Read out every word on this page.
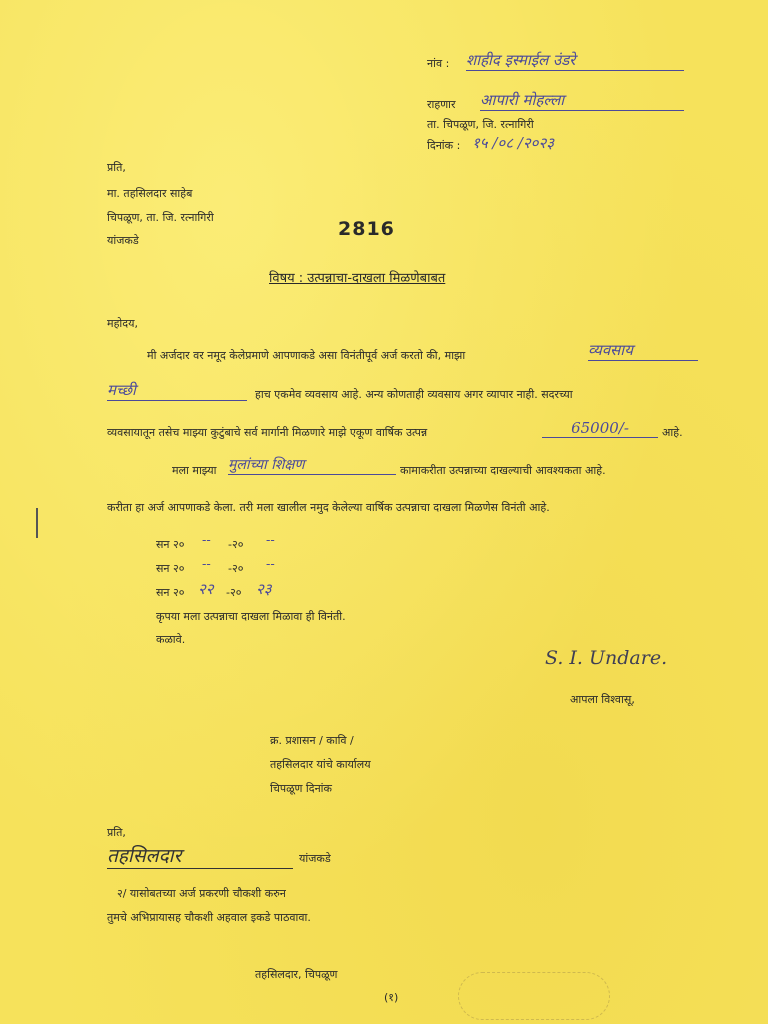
नांव : शाहीद इस्माईल उंडरे
राहणार आपारी मोहल्ला
ता. चिपळूण, जि. रत्नागिरी
दिनांक : १५ /०८ /२०२३
प्रति,
मा. तहसिलदार साहेब
चिपळूण, ता. जि. रत्नागिरी
यांजकडे
2816
विषय : उत्पन्नाचा-दाखला मिळणेबाबत
महोदय,
मी अर्जदार वर नमूद केलेप्रमाणे आपणाकडे असा विनंतीपूर्व अर्ज करतो की, माझा	व्यवसाय
मच्छी	हाच एकमेव व्यवसाय आहे. अन्य कोणताही व्यवसाय अगर व्यापार नाही. सदरच्या
व्यवसायातून तसेच माझ्या कुटुंबाचे सर्व मार्गानी मिळणारे माझे एकूण वार्षिक उत्पन्न	65000/-	आहे.
मला माझ्या मुलांच्या शिक्षण	कामाकरीता उत्पन्नाच्या दाखल्याची आवश्यकता आहे.
करीता हा अर्ज आपणाकडे केला. तरी मला खालील नमुद केलेल्या वार्षिक उत्पन्नाचा दाखला मिळणेस विनंती आहे.
सन २० -- -२० --
सन २० -- -२० --
सन २० २२ -२० २३
कृपया मला उत्पन्नाचा दाखला मिळावा ही विनंती.
कळावे.
S. I. Undare.
आपला विश्वासू,
क्र. प्रशासन / कावि /
तहसिलदार यांचे कार्यालय
चिपळूण दिनांक
प्रति,
तहसिलदार	यांजकडे
२/ यासोबतच्या अर्ज प्रकरणी चौकशी करुन
तुमचे अभिप्रायासह चौकशी अहवाल इकडे पाठवावा.
तहसिलदार, चिपळूण
(१)
